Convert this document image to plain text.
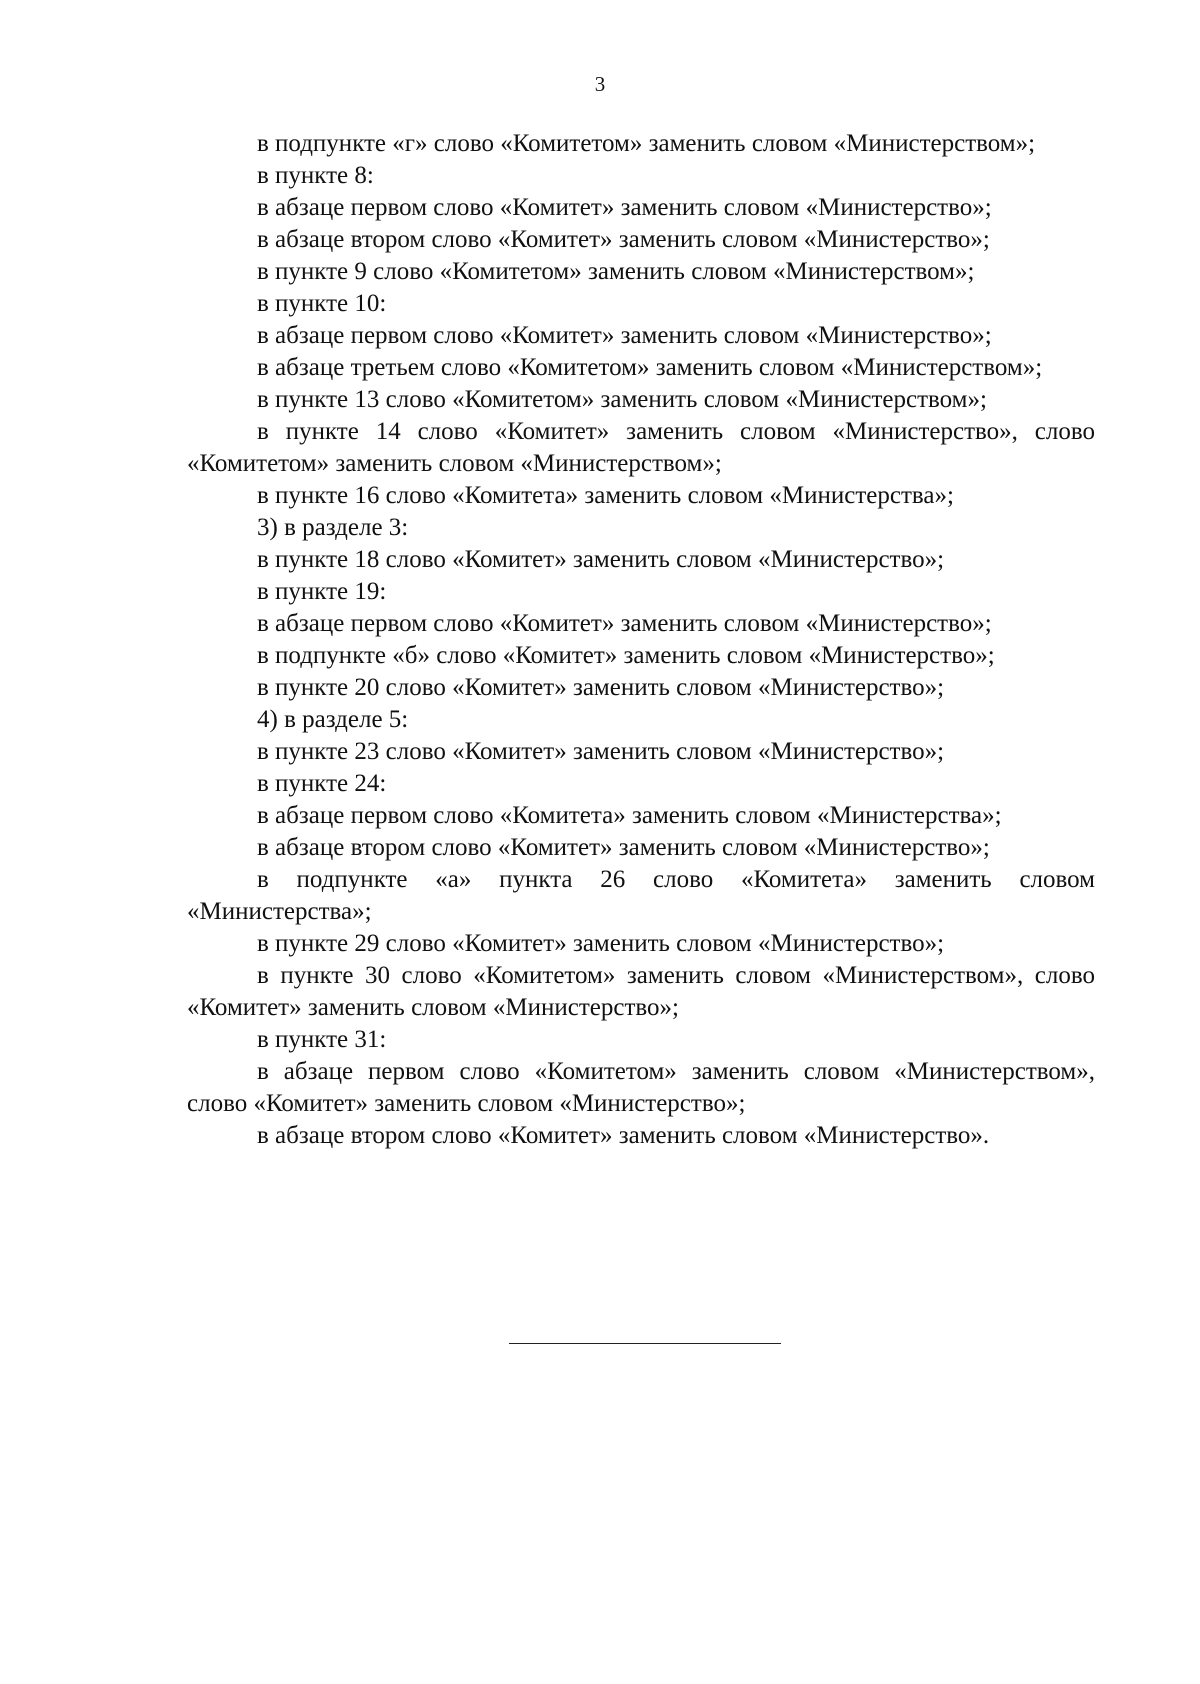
3

в подпункте «г» слово «Комитетом» заменить словом «Министерством»;

в пункте 8:

в абзаце первом слово «Комитет» заменить словом «Министерство»;

в абзаце втором слово «Комитет» заменить словом «Министерство»;

в пункте 9 слово «Комитетом» заменить словом «Министерством»;

в пункте 10:

в абзаце первом слово «Комитет» заменить словом «Министерство»;

в абзаце третьем слово «Комитетом» заменить словом «Министерством»;

в пункте 13 слово «Комитетом» заменить словом «Министерством»;

в пункте 14 слово «Комитет» заменить словом «Министерство», слово «Комитетом» заменить словом «Министерством»;

в пункте 16 слово «Комитета» заменить словом «Министерства»;

3) в разделе 3:

в пункте 18 слово «Комитет» заменить словом «Министерство»;

в пункте 19:

в абзаце первом слово «Комитет» заменить словом «Министерство»;

в подпункте «б» слово «Комитет» заменить словом «Министерство»;

в пункте 20 слово «Комитет» заменить словом «Министерство»;

4) в разделе 5:

в пункте 23 слово «Комитет» заменить словом «Министерство»;

в пункте 24:

в абзаце первом слово «Комитета» заменить словом «Министерства»;

в абзаце втором слово «Комитет» заменить словом «Министерство»;

в подпункте «а» пункта 26 слово «Комитета» заменить словом «Министерства»;

в пункте 29 слово «Комитет» заменить словом «Министерство»;

в пункте 30 слово «Комитетом» заменить словом «Министерством», слово «Комитет» заменить словом «Министерство»;

в пункте 31:

в абзаце первом слово «Комитетом» заменить словом «Министерством», слово «Комитет» заменить словом «Министерство»;

в абзаце втором слово «Комитет» заменить словом «Министерство».
